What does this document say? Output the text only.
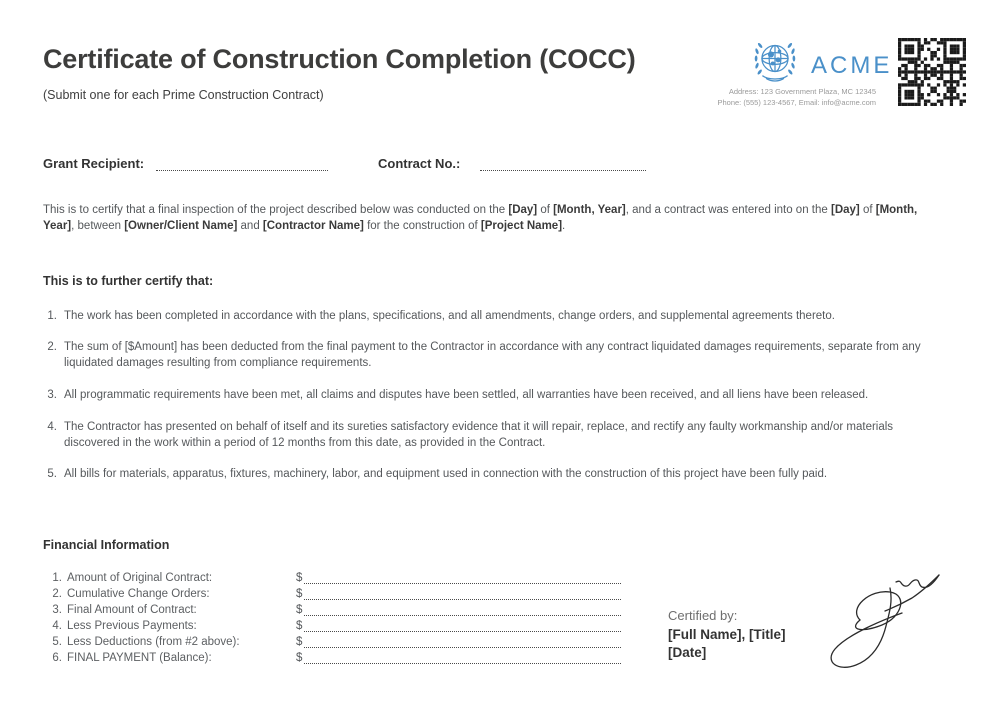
Certificate of Construction Completion (COCC)
(Submit one for each Prime Construction Contract)
ACME
Address: 123 Government Plaza, MC 12345
Phone: (555) 123-4567, Email: info@acme.com
Grant Recipient:	Contract No.:

This is to certify that a final inspection of the project described below was conducted on the [Day] of [Month, Year], and a contract was entered into on the [Day] of [Month, Year], between [Owner/Client Name] and [Contractor Name] for the construction of [Project Name].

This is to further certify that:
The work has been completed in accordance with the plans, specifications, and all amendments, change orders, and supplemental agreements thereto.
The sum of [$Amount] has been deducted from the final payment to the Contractor in accordance with any contract liquidated damages requirements, separate from any liquidated damages resulting from compliance requirements.
All programmatic requirements have been met, all claims and disputes have been settled, all warranties have been received, and all liens have been released.
The Contractor has presented on behalf of itself and its sureties satisfactory evidence that it will repair, replace, and rectify any faulty workmanship and/or materials discovered in the work within a period of 12 months from this date, as provided in the Contract.
All bills for materials, apparatus, fixtures, machinery, labor, and equipment used in connection with the construction of this project have been fully paid.
Financial Information
1. Amount of Original Contract:	$
2. Cumulative Change Orders:	$
3. Final Amount of Contract:	$
4. Less Previous Payments:	$
5. Less Deductions (from #2 above):	$
6. FINAL PAYMENT (Balance):	$
Certified by:
[Full Name], [Title]
[Date]
